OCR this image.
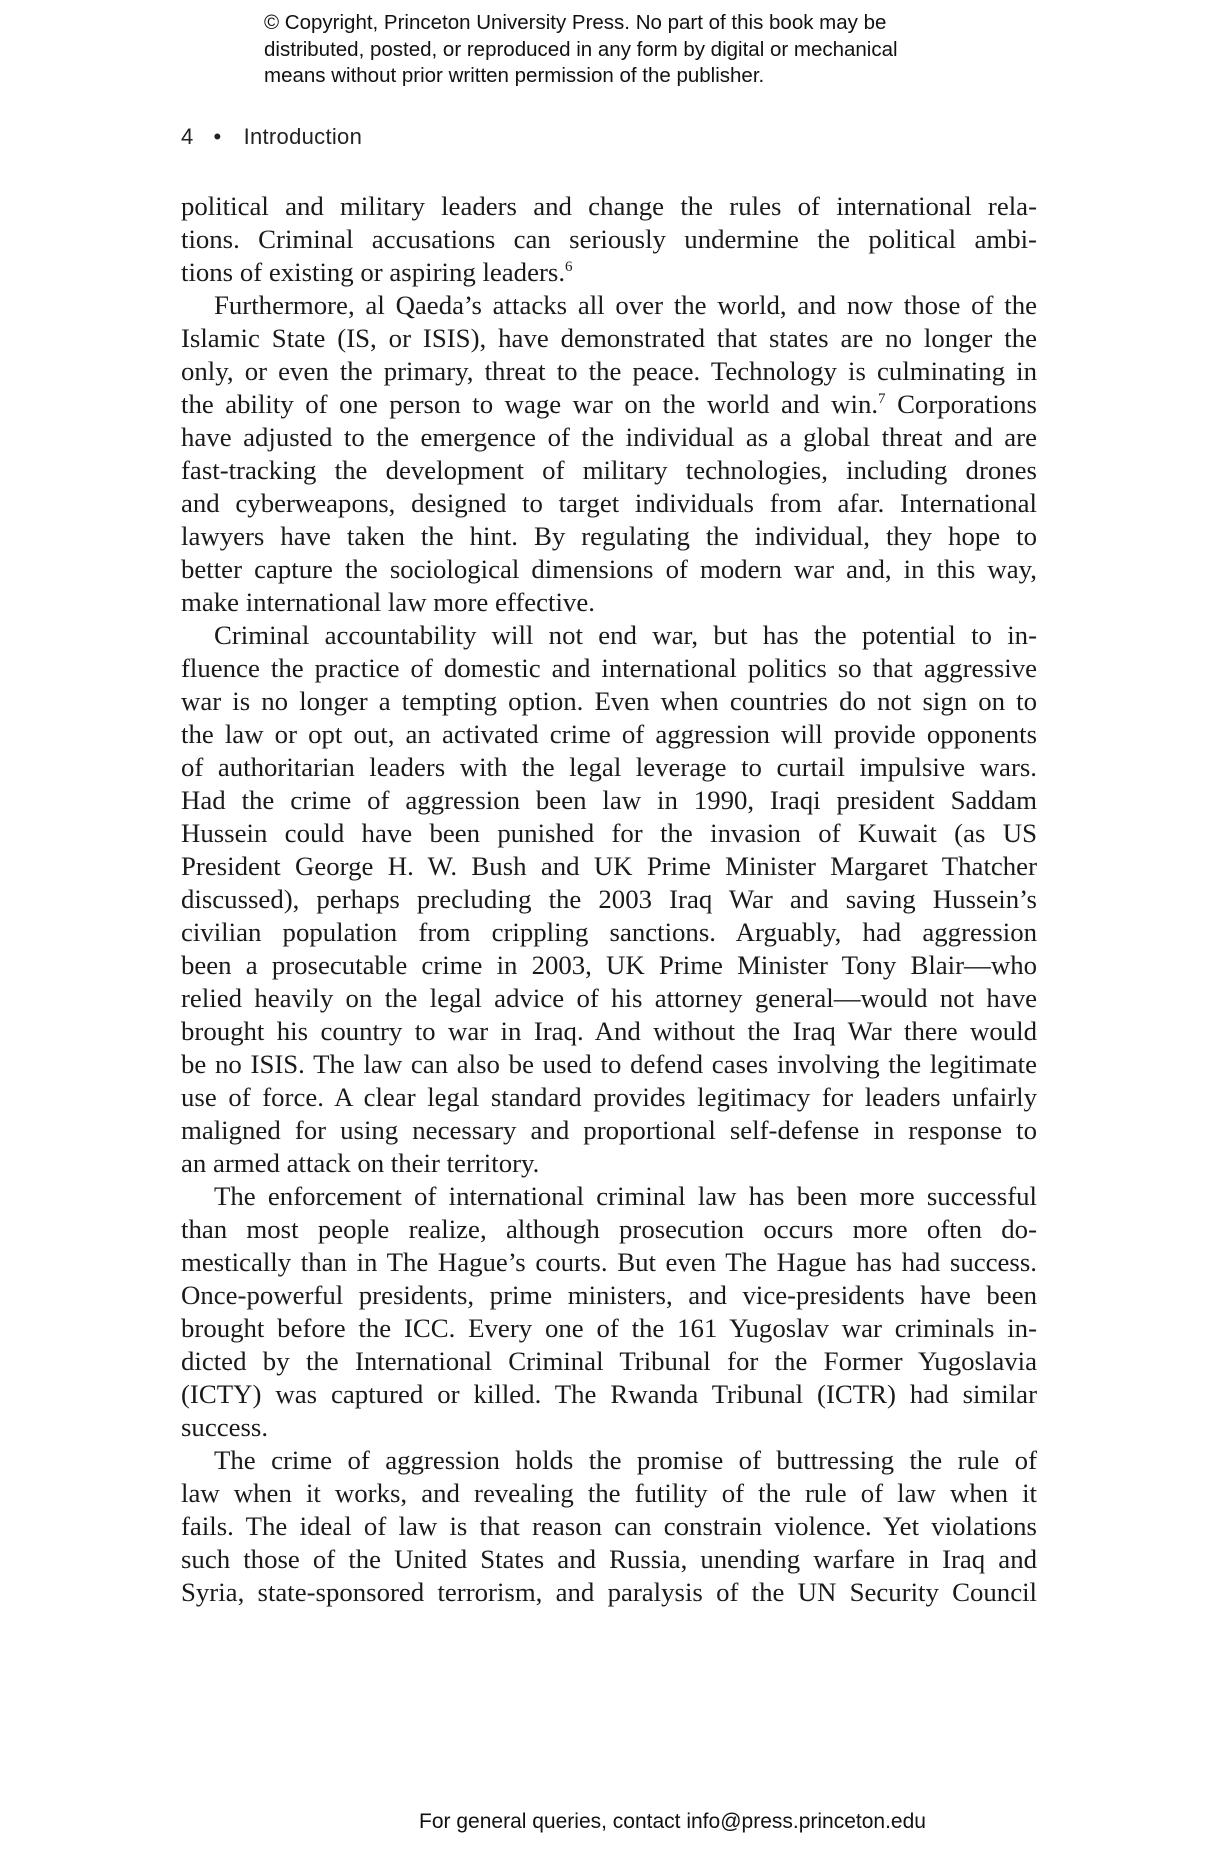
© Copyright, Princeton University Press. No part of this book may be
distributed, posted, or reproduced in any form by digital or mechanical
means without prior written permission of the publisher.
4 • Introduction

political and military leaders and change the rules of international rela-
tions. Criminal accusations can seriously undermine the political ambi-
tions of existing or aspiring leaders.$^6$

Furthermore, al Qaeda’s attacks all over the world, and now those of the
Islamic State (IS, or ISIS), have demonstrated that states are no longer the
only, or even the primary, threat to the peace. Technology is culminating in
the ability of one person to wage war on the world and win.$^7$ Corporations
have adjusted to the emergence of the individual as a global threat and are
fast-tracking the development of military technologies, including drones
and cyberweapons, designed to target individuals from afar. International
lawyers have taken the hint. By regulating the individual, they hope to
better capture the sociological dimensions of modern war and, in this way,
make international law more effective.

Criminal accountability will not end war, but has the potential to in-
fluence the practice of domestic and international politics so that aggressive
war is no longer a tempting option. Even when countries do not sign on to
the law or opt out, an activated crime of aggression will provide opponents
of authoritarian leaders with the legal leverage to curtail impulsive wars.
Had the crime of aggression been law in 1990, Iraqi president Saddam
Hussein could have been punished for the invasion of Kuwait (as US
President George H. W. Bush and UK Prime Minister Margaret Thatcher
discussed), perhaps precluding the 2003 Iraq War and saving Hussein’s
civilian population from crippling sanctions. Arguably, had aggression
been a prosecutable crime in 2003, UK Prime Minister Tony Blair—who
relied heavily on the legal advice of his attorney general—would not have
brought his country to war in Iraq. And without the Iraq War there would
be no ISIS. The law can also be used to defend cases involving the legitimate
use of force. A clear legal standard provides legitimacy for leaders unfairly
maligned for using necessary and proportional self-defense in response to
an armed attack on their territory.

The enforcement of international criminal law has been more successful
than most people realize, although prosecution occurs more often do-
mestically than in The Hague’s courts. But even The Hague has had success.
Once-powerful presidents, prime ministers, and vice-presidents have been
brought before the ICC. Every one of the 161 Yugoslav war criminals in-
dicted by the International Criminal Tribunal for the Former Yugoslavia
(ICTY) was captured or killed. The Rwanda Tribunal (ICTR) had similar
success.

The crime of aggression holds the promise of buttressing the rule of
law when it works, and revealing the futility of the rule of law when it
fails. The ideal of law is that reason can constrain violence. Yet violations
such those of the United States and Russia, unending warfare in Iraq and
Syria, state-sponsored terrorism, and paralysis of the UN Security Council

For general queries, contact info@press.princeton.edu
